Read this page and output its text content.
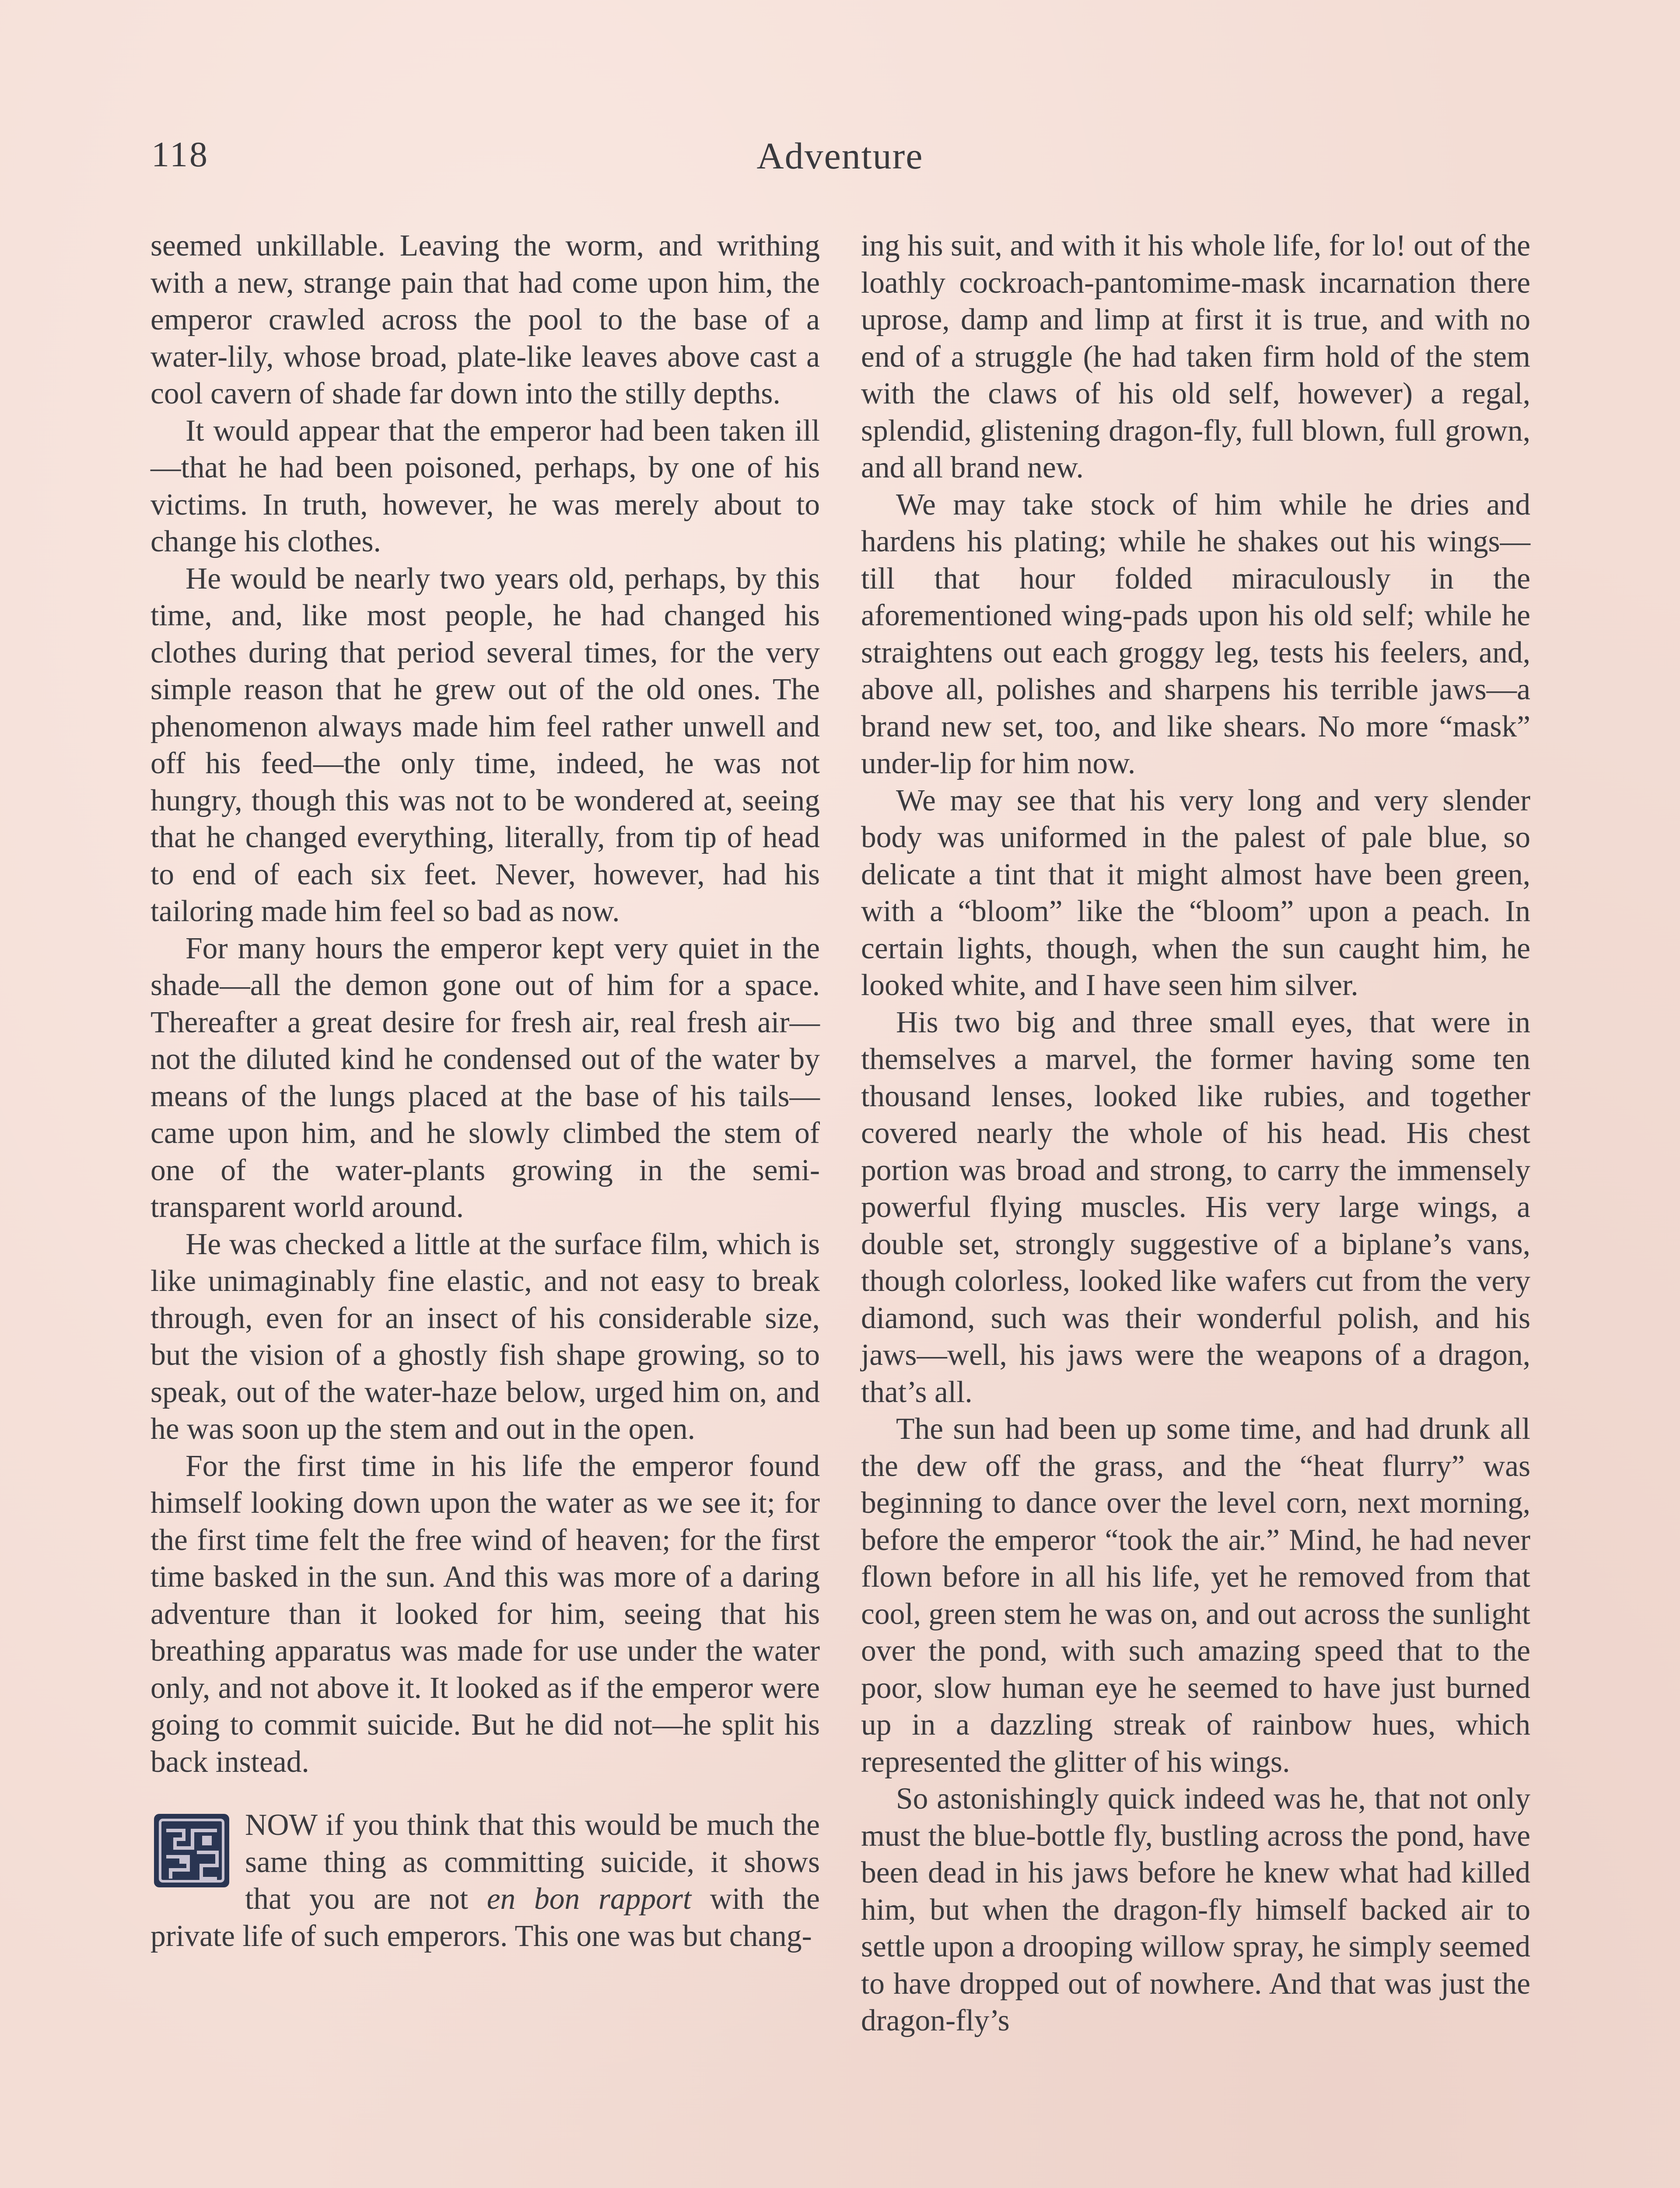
118	Adventure

seemed unkillable. Leaving the worm, and writhing with a new, strange pain that had come upon him, the emperor crawled across the pool to the base of a water-lily, whose broad, plate-like leaves above cast a cool cavern of shade far down into the stilly depths.

It would appear that the emperor had been taken ill—that he had been poisoned, perhaps, by one of his victims. In truth, however, he was merely about to change his clothes.

He would be nearly two years old, perhaps, by this time, and, like most people, he had changed his clothes during that period several times, for the very simple reason that he grew out of the old ones. The phenomenon always made him feel rather unwell and off his feed—the only time, indeed, he was not hungry, though this was not to be wondered at, seeing that he changed everything, literally, from tip of head to end of each six feet. Never, however, had his tailoring made him feel so bad as now.

For many hours the emperor kept very quiet in the shade—all the demon gone out of him for a space. Thereafter a great desire for fresh air, real fresh air—not the diluted kind he condensed out of the water by means of the lungs placed at the base of his tails—came upon him, and he slowly climbed the stem of one of the water-plants growing in the semi-transparent world around.

He was checked a little at the surface film, which is like unimaginably fine elastic, and not easy to break through, even for an insect of his considerable size, but the vision of a ghostly fish shape growing, so to speak, out of the water-haze below, urged him on, and he was soon up the stem and out in the open.

For the first time in his life the emperor found himself looking down upon the water as we see it; for the first time felt the free wind of heaven; for the first time basked in the sun. And this was more of a daring adventure than it looked for him, seeing that his breathing apparatus was made for use under the water only, and not above it. It looked as if the emperor were going to commit suicide. But he did not—he split his back instead.

NOW if you think that this would be much the same thing as committing suicide, it shows that you are not en bon rapport with the private life of such emperors. This one was but chang-

ing his suit, and with it his whole life, for lo! out of the loathly cockroach-pantomime-mask incarnation there uprose, damp and limp at first it is true, and with no end of a struggle (he had taken firm hold of the stem with the claws of his old self, however) a regal, splendid, glistening dragon-fly, full blown, full grown, and all brand new.

We may take stock of him while he dries and hardens his plating; while he shakes out his wings—till that hour folded miraculously in the aforementioned wing-pads upon his old self; while he straightens out each groggy leg, tests his feelers, and, above all, polishes and sharpens his terrible jaws—a brand new set, too, and like shears. No more “mask” under-lip for him now.

We may see that his very long and very slender body was uniformed in the palest of pale blue, so delicate a tint that it might almost have been green, with a “bloom” like the “bloom” upon a peach. In certain lights, though, when the sun caught him, he looked white, and I have seen him silver.

His two big and three small eyes, that were in themselves a marvel, the former having some ten thousand lenses, looked like rubies, and together covered nearly the whole of his head. His chest portion was broad and strong, to carry the immensely powerful flying muscles. His very large wings, a double set, strongly suggestive of a biplane’s vans, though colorless, looked like wafers cut from the very diamond, such was their wonderful polish, and his jaws—well, his jaws were the weapons of a dragon, that’s all.

The sun had been up some time, and had drunk all the dew off the grass, and the “heat flurry” was beginning to dance over the level corn, next morning, before the emperor “took the air.” Mind, he had never flown before in all his life, yet he removed from that cool, green stem he was on, and out across the sunlight over the pond, with such amazing speed that to the poor, slow human eye he seemed to have just burned up in a dazzling streak of rainbow hues, which represented the glitter of his wings.

So astonishingly quick indeed was he, that not only must the blue-bottle fly, bustling across the pond, have been dead in his jaws before he knew what had killed him, but when the dragon-fly himself backed air to settle upon a drooping willow spray, he simply seemed to have dropped out of nowhere. And that was just the dragon-fly’s
